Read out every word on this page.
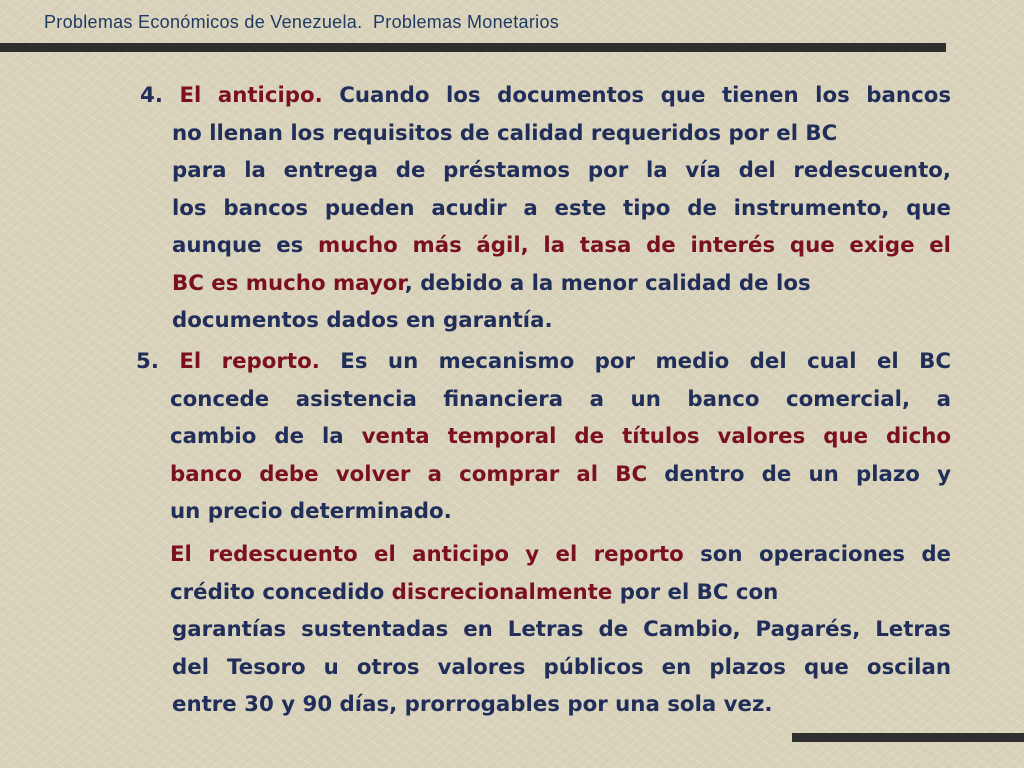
Problemas Económicos de Venezuela.  Problemas Monetarios
4. El anticipo. Cuando los documentos que tienen los bancos
no llenan los requisitos de calidad requeridos por el BC
para la entrega de préstamos por la vía del redescuento,
los bancos pueden acudir a este tipo de instrumento, que
aunque es mucho más ágil, la tasa de interés que exige el
BC es mucho mayor, debido a la menor calidad de los
documentos dados en garantía.
5. El reporto. Es un mecanismo por medio del cual el BC
concede asistencia financiera a un banco comercial, a
cambio de la venta temporal de títulos valores que dicho
banco debe volver a comprar al BC dentro de un plazo y
un precio determinado.
El redescuento el anticipo y el reporto son operaciones de
crédito concedido discrecionalmente por el BC con
garantías sustentadas en Letras de Cambio, Pagarés, Letras
del Tesoro u otros valores públicos en plazos que oscilan
entre 30 y 90 días, prorrogables por una sola vez.
